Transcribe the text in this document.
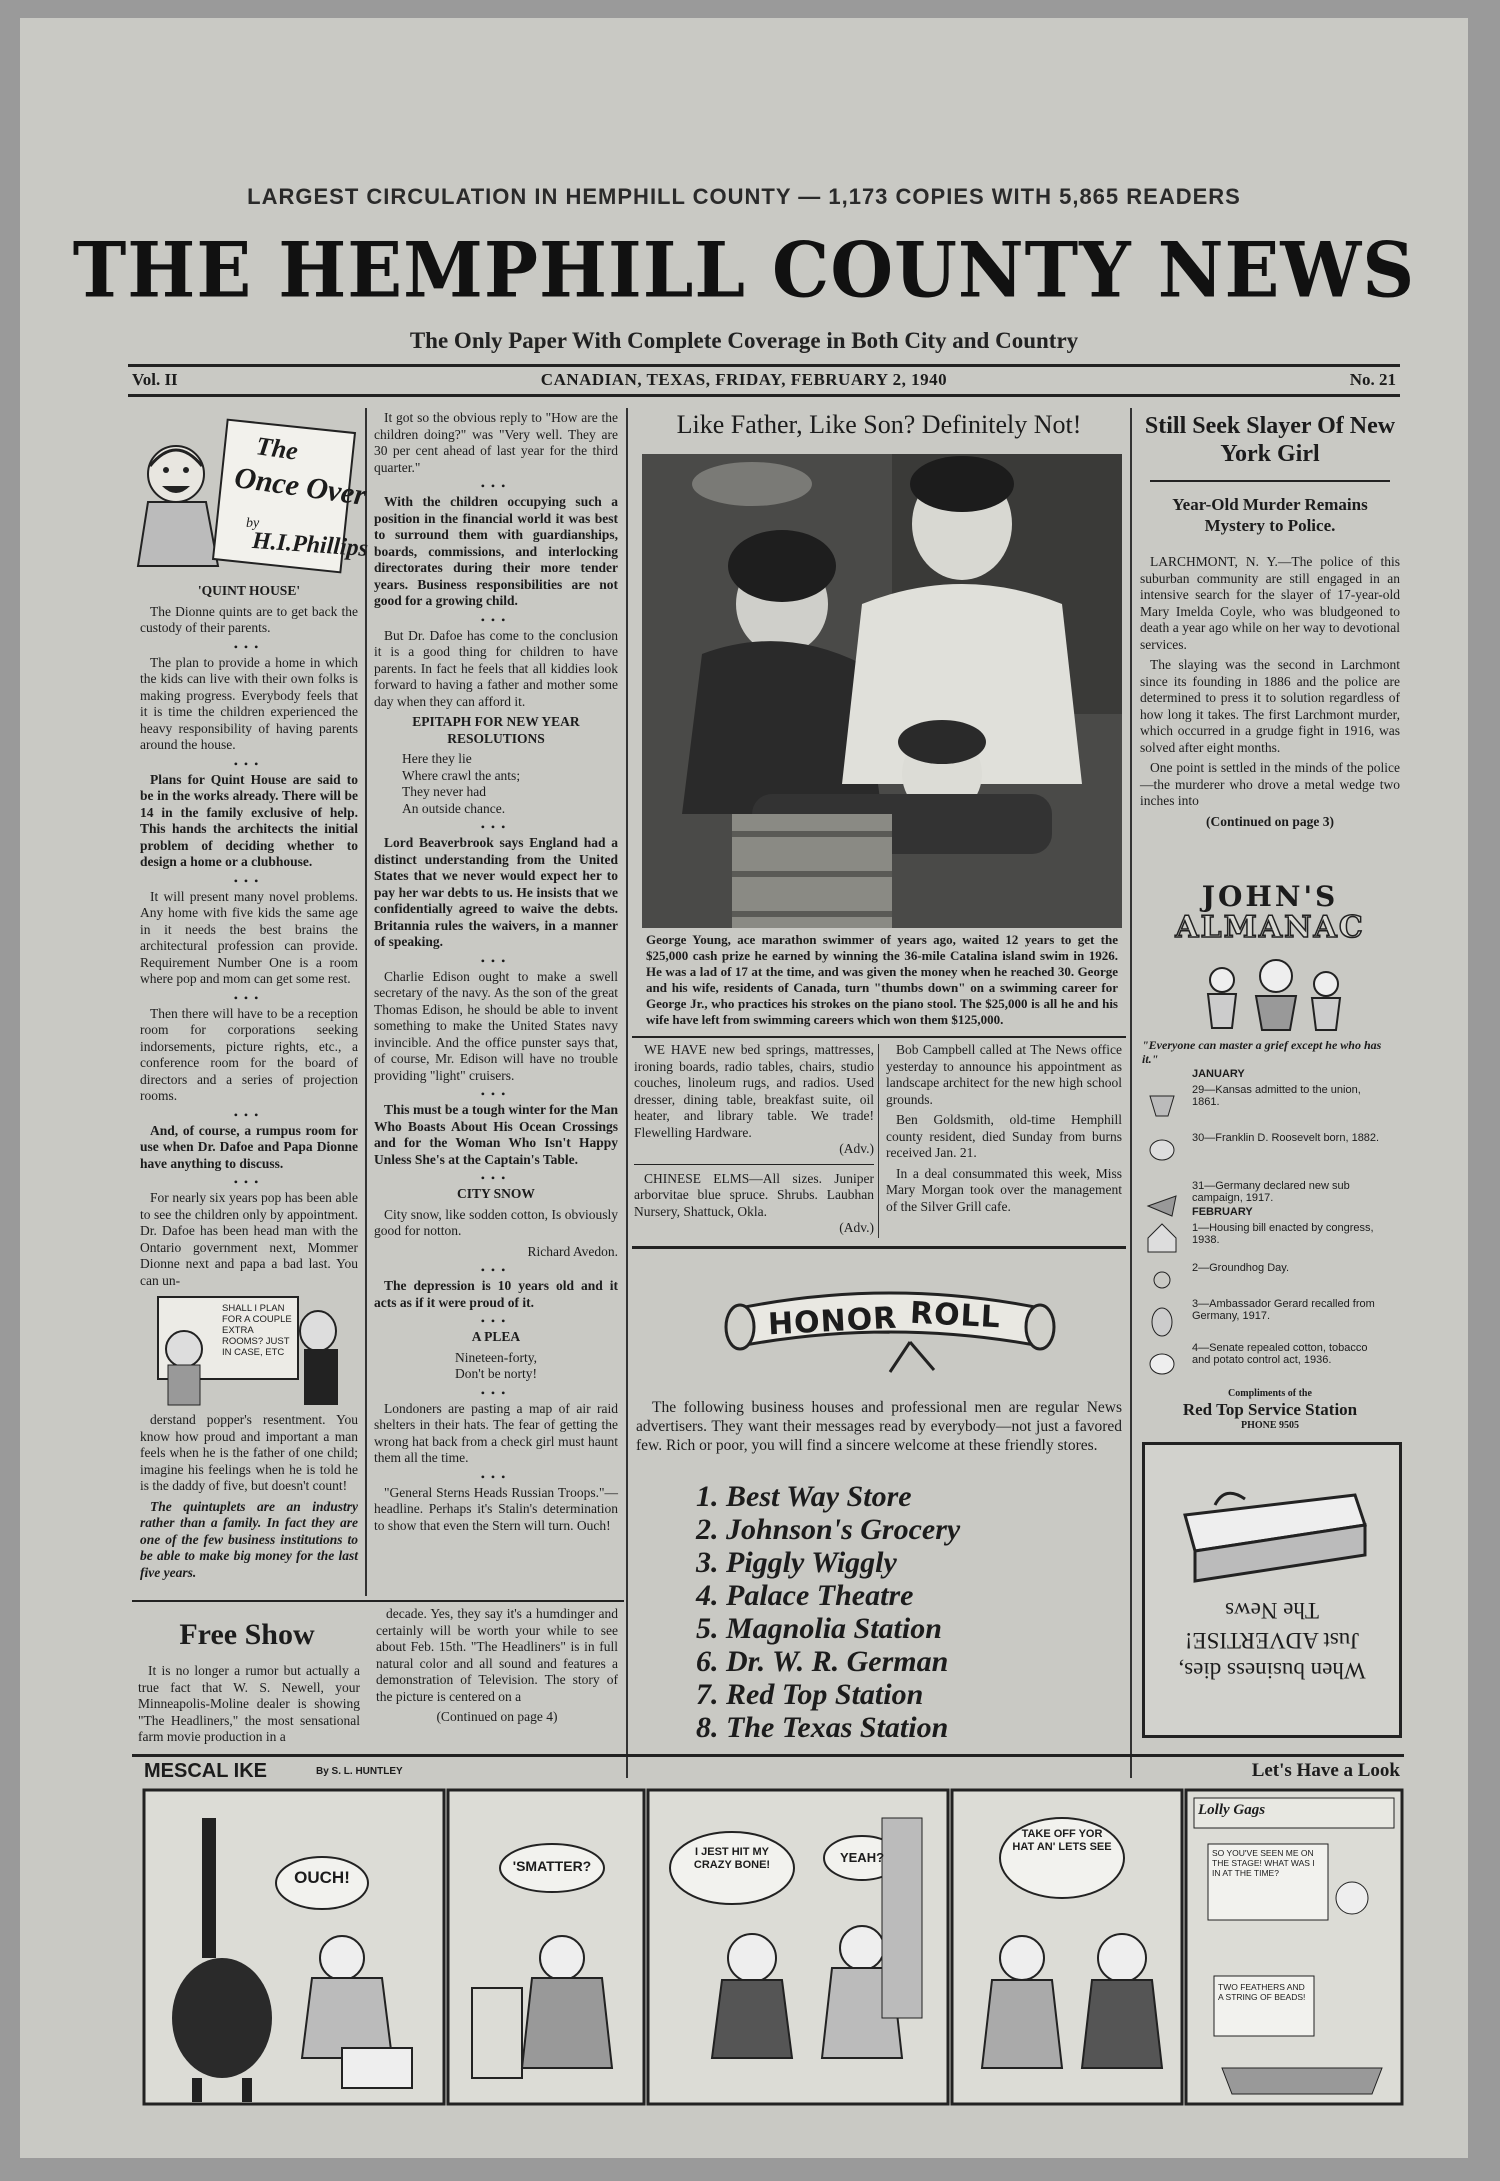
LARGEST CIRCULATION IN HEMPHILL COUNTY — 1,173 COPIES WITH 5,865 READERS
THE HEMPHILL COUNTY NEWS
The Only Paper With Complete Coverage in Both City and Country
Vol. II	CANADIAN, TEXAS, FRIDAY, FEBRUARY 2, 1940	No. 21
The
Once Over
by
H.I.Phillips

'QUINT HOUSE'

The Dionne quints are to get back the custody of their parents.

•••

The plan to provide a home in which the kids can live with their own folks is making progress. Everybody feels that it is time the children experienced the heavy responsibility of having parents around the house.

•••

Plans for Quint House are said to be in the works already. There will be 14 in the family exclusive of help. This hands the architects the initial problem of deciding whether to design a home or a clubhouse.

•••

It will present many novel problems. Any home with five kids the same age in it needs the best brains the architectural profession can provide. Requirement Number One is a room where pop and mom can get some rest.

•••

Then there will have to be a reception room for corporations seeking indorsements, picture rights, etc., a conference room for the board of directors and a series of projection rooms.

•••

And, of course, a rumpus room for use when Dr. Dafoe and Papa Dionne have anything to discuss.

•••

For nearly six years pop has been able to see the children only by appointment. Dr. Dafoe has been head man with the Ontario government next, Mommer Dionne next and papa a bad last. You can un-

SHALL I PLAN FOR A COUPLE EXTRA ROOMS? JUST IN CASE, ETC

derstand popper's resentment. You know how proud and important a man feels when he is the father of one child; imagine his feelings when he is told he is the daddy of five, but doesn't count!

The quintuplets are an industry rather than a family. In fact they are one of the few business institutions to be able to make big money for the last five years.

It got so the obvious reply to "How are the children doing?" was "Very well. They are 30 per cent ahead of last year for the third quarter."

•••

With the children occupying such a position in the financial world it was best to surround them with guardianships, boards, commissions, and interlocking directorates during their more tender years. Business responsibilities are not good for a growing child.

•••

But Dr. Dafoe has come to the conclusion it is a good thing for children to have parents. In fact he feels that all kiddies look forward to having a father and mother some day when they can afford it.

EPITAPH FOR NEW YEAR RESOLUTIONS

Here they lie

Where crawl the ants;

They never had

An outside chance.

•••

Lord Beaverbrook says England had a distinct understanding from the United States that we never would expect her to pay her war debts to us. He insists that we confidentially agreed to waive the debts. Britannia rules the waivers, in a manner of speaking.

•••

Charlie Edison ought to make a swell secretary of the navy. As the son of the great Thomas Edison, he should be able to invent something to make the United States navy invincible. And the office punster says that, of course, Mr. Edison will have no trouble providing "light" cruisers.

•••

This must be a tough winter for the Man Who Boasts About His Ocean Crossings and for the Woman Who Isn't Happy Unless She's at the Captain's Table.

•••

CITY SNOW

City snow, like sodden cotton, Is obviously good for notton.

Richard Avedon.

•••

The depression is 10 years old and it acts as if it were proud of it.

•••

A PLEA

Nineteen-forty,

Don't be norty!

•••

Londoners are pasting a map of air raid shelters in their hats. The fear of getting the wrong hat back from a check girl must haunt them all the time.

•••

"General Sterns Heads Russian Troops."—headline. Perhaps it's Stalin's determination to show that even the Stern will turn. Ouch!

Free Show

It is no longer a rumor but actually a true fact that W. S. Newell, your Minneapolis-Moline dealer is showing "The Headliners," the most sensational farm movie production in a

decade. Yes, they say it's a humdinger and certainly will be worth your while to see about Feb. 15th. "The Headliners" is in full natural color and all sound and features a demonstration of Television. The story of the picture is centered on a

(Continued on page 4)

Like Father, Like Son? Definitely Not!
George Young, ace marathon swimmer of years ago, waited 12 years to get the $25,000 cash prize he earned by winning the 36-mile Catalina island swim in 1926. He was a lad of 17 at the time, and was given the money when he reached 30. George and his wife, residents of Canada, turn "thumbs down" on a swimming career for George Jr., who practices his strokes on the piano stool. The $25,000 is all he and his wife have left from swimming careers which won them $125,000.

WE HAVE new bed springs, mattresses, ironing boards, radio tables, chairs, studio couches, linoleum rugs, and radios. Used dresser, dining table, breakfast suite, oil heater, and library table. We trade! Flewelling Hardware.

(Adv.)

CHINESE ELMS—All sizes. Juniper arborvitae blue spruce. Shrubs. Laubhan Nursery, Shattuck, Okla.

(Adv.)

Bob Campbell called at The News office yesterday to announce his appointment as landscape architect for the new high school grounds.

Ben Goldsmith, old-time Hemphill county resident, died Sunday from burns received Jan. 21.

In a deal consummated this week, Miss Mary Morgan took over the management of the Silver Grill cafe.

HONOR ROLL
The following business houses and professional men are regular News advertisers. They want their messages read by everybody—not just a favored few. Rich or poor, you will find a sincere welcome at these friendly stores.
1. Best Way Store
2. Johnson's Grocery
3. Piggly Wiggly
4. Palace Theatre
5. Magnolia Station
6. Dr. W. R. German
7. Red Top Station
8. The Texas Station
Still Seek Slayer Of New York Girl
Year-Old Murder Remains Mystery to Police.

LARCHMONT, N. Y.—The police of this suburban community are still engaged in an intensive search for the slayer of 17-year-old Mary Imelda Coyle, who was bludgeoned to death a year ago while on her way to devotional services.

The slaying was the second in Larchmont since its founding in 1886 and the police are determined to press it to solution regardless of how long it takes. The first Larchmont murder, which occurred in a grudge fight in 1916, was solved after eight months.

One point is settled in the minds of the police—the murderer who drove a metal wedge two inches into

(Continued on page 3)

JOHN'S
ALMANAC
"Everyone can master a grief except he who has it."
JANUARY
29—Kansas admitted to the union, 1861.
30—Franklin D. Roosevelt born, 1882.
31—Germany declared new sub campaign, 1917.
FEBRUARY
1—Housing bill enacted by congress, 1938.
2—Groundhog Day.
3—Ambassador Gerard recalled from Germany, 1917.
4—Senate repealed cotton, tobacco and potato control act, 1936.
Compliments of the
Red Top Service Station
PHONE 9505
When business dies,
Just ADVERTISE!
The News
MESCAL IKE	By S. L. HUNTLEY	Let's Have a Look
OUCH!
'SMATTER?
I JEST HIT MY CRAZY BONE!	YEAH?
TAKE OFF YOR HAT AN' LETS SEE
Lolly Gags
SO YOU'VE SEEN ME ON THE STAGE! WHAT WAS I IN AT THE TIME?
TWO FEATHERS AND A STRING OF BEADS!
